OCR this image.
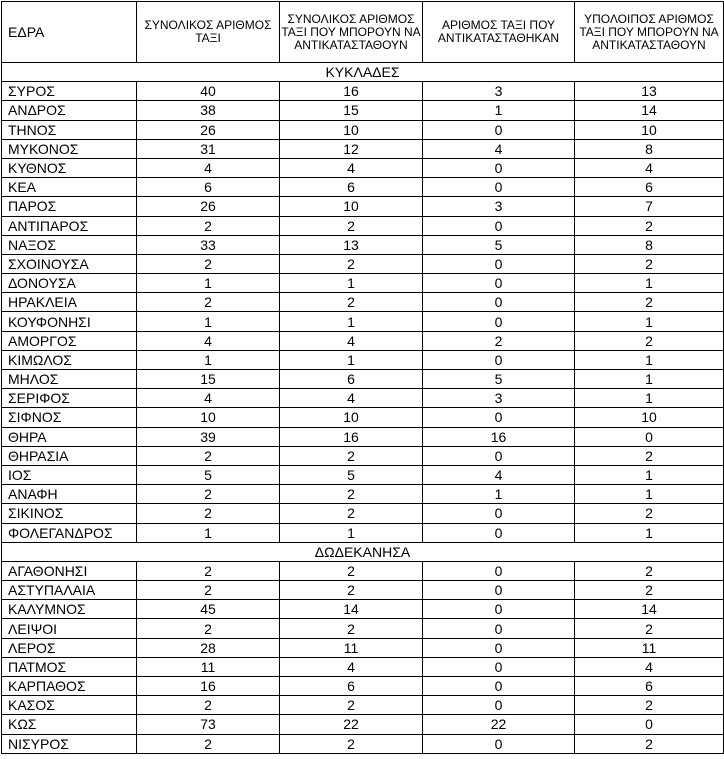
ΕΔΡΑ	ΣΥΝΟΛΙΚΟΣ ΑΡΙΘΜΟΣ ΤΑΞΙ	ΣΥΝΟΛΙΚΟΣ ΑΡΙΘΜΟΣ ΤΑΞΙ ΠΟΥ ΜΠΟΡΟΥΝ ΝΑ ΑΝΤΙΚΑΤΑΣΤΑΘΟΥΝ	ΑΡΙΘΜΟΣ ΤΑΞΙ ΠΟΥ ΑΝΤΙΚΑΤΑΣΤΑΘΗΚΑΝ	ΥΠΟΛΟΙΠΟΣ ΑΡΙΘΜΟΣ ΤΑΞΙ ΠΟΥ ΜΠΟΡΟΥΝ ΝΑ ΑΝΤΙΚΑΤΑΣΤΑΘΟΥΝ
ΚΥΚΛΑΔΕΣ				
ΣΥΡΟΣ	40	16	3	13
ΑΝΔΡΟΣ	38	15	1	14
ΤΗΝΟΣ	26	10	0	10
ΜΥΚΟΝΟΣ	31	12	4	8
ΚΥΘΝΟΣ	4	4	0	4
ΚΕΑ	6	6	0	6
ΠΑΡΟΣ	26	10	3	7
ΑΝΤΙΠΑΡΟΣ	2	2	0	2
ΝΑΞΟΣ	33	13	5	8
ΣΧΟΙΝΟΥΣΑ	2	2	0	2
ΔΟΝΟΥΣΑ	1	1	0	1
ΗΡΑΚΛΕΙΑ	2	2	0	2
ΚΟΥΦΟΝΗΣΙ	1	1	0	1
ΑΜΟΡΓΟΣ	4	4	2	2
ΚΙΜΩΛΟΣ	1	1	0	1
ΜΗΛΟΣ	15	6	5	1
ΣΕΡΙΦΟΣ	4	4	3	1
ΣΙΦΝΟΣ	10	10	0	10
ΘΗΡΑ	39	16	16	0
ΘΗΡΑΣΙΑ	2	2	0	2
ΙΟΣ	5	5	4	1
ΑΝΑΦΗ	2	2	1	1
ΣΙΚΙΝΟΣ	2	2	0	2
ΦΟΛΕΓΑΝΔΡΟΣ	1	1	0	1
ΔΩΔΕΚΑΝΗΣΑ				
ΑΓΑΘΟΝΗΣΙ	2	2	0	2
ΑΣΤΥΠΑΛΑΙΑ	2	2	0	2
ΚΑΛΥΜΝΟΣ	45	14	0	14
ΛΕΙΨΟΙ	2	2	0	2
ΛΕΡΟΣ	28	11	0	11
ΠΑΤΜΟΣ	11	4	0	4
ΚΑΡΠΑΘΟΣ	16	6	0	6
ΚΑΣΟΣ	2	2	0	2
ΚΩΣ	73	22	22	0
ΝΙΣΥΡΟΣ	2	2	0	2
